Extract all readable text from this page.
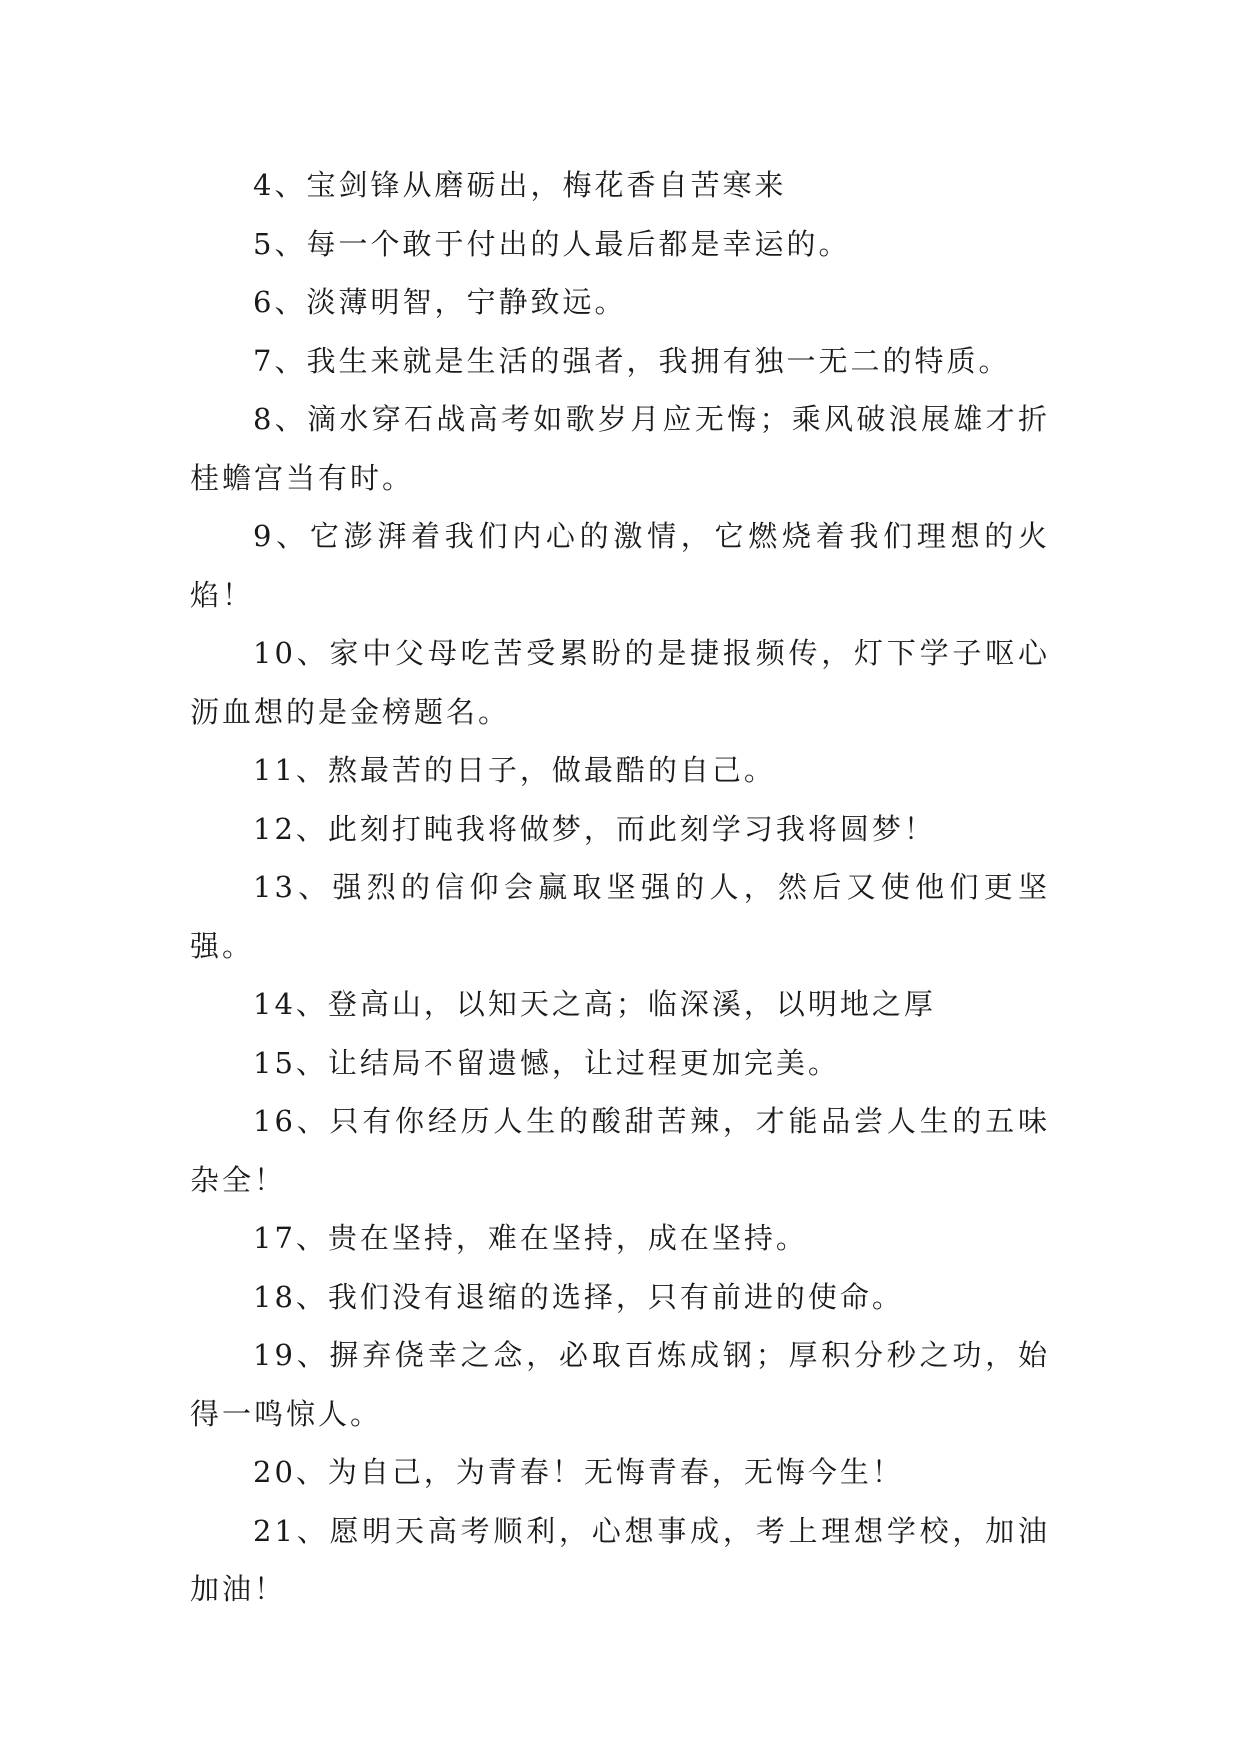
4、宝剑锋从磨砺出，梅花香自苦寒来

5、每一个敢于付出的人最后都是幸运的。

6、淡薄明智，宁静致远。

7、我生来就是生活的强者，我拥有独一无二的特质。

8、滴水穿石战高考如歌岁月应无悔；乘风破浪展雄才折桂蟾宫当有时。

9、它澎湃着我们内心的激情，它燃烧着我们理想的火焰！

10、家中父母吃苦受累盼的是捷报频传，灯下学子呕心沥血想的是金榜题名。

11、熬最苦的日子，做最酷的自己。

12、此刻打盹我将做梦，而此刻学习我将圆梦！

13、强烈的信仰会赢取坚强的人，然后又使他们更坚强。

14、登高山，以知天之高；临深溪，以明地之厚

15、让结局不留遗憾，让过程更加完美。

16、只有你经历人生的酸甜苦辣，才能品尝人生的五味杂全！

17、贵在坚持，难在坚持，成在坚持。

18、我们没有退缩的选择，只有前进的使命。

19、摒弃侥幸之念，必取百炼成钢；厚积分秒之功，始得一鸣惊人。

20、为自己，为青春！无悔青春，无悔今生！

21、愿明天高考顺利，心想事成，考上理想学校，加油加油！
